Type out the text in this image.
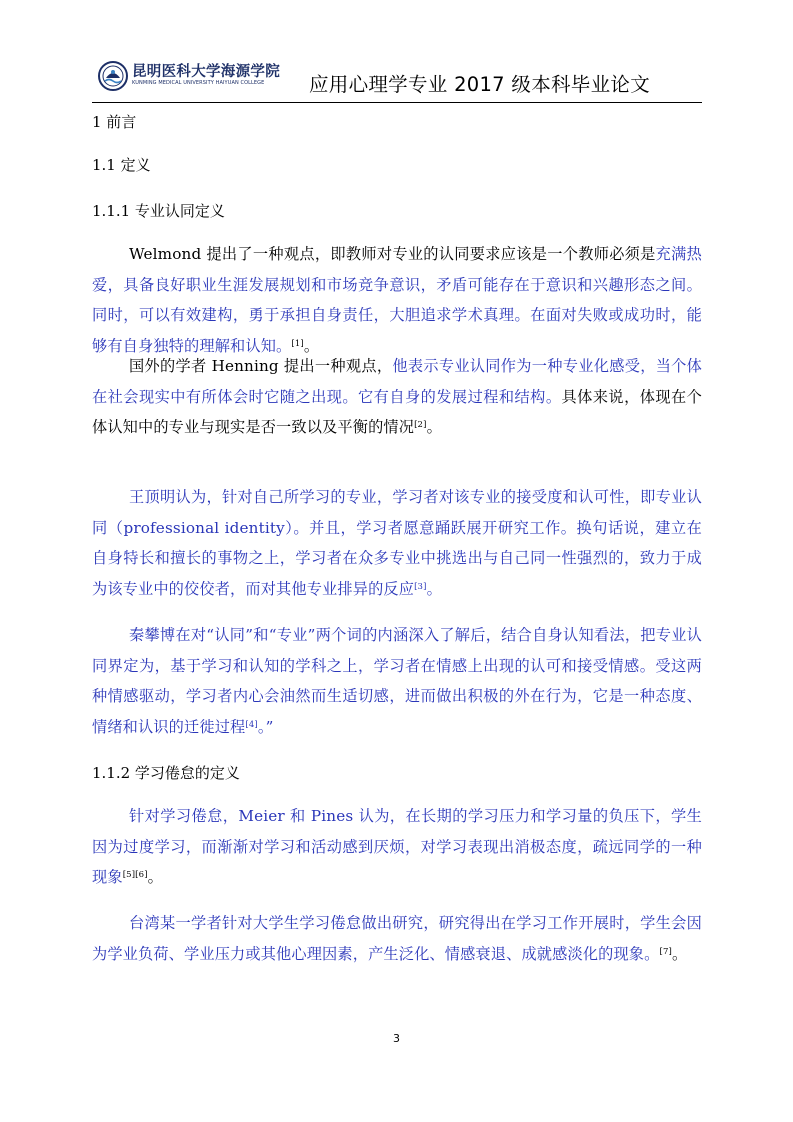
昆明医科大学海源学院
KUNMING MEDICAL UNIVERSITY HAIYUAN COLLEGE 应用心理学专业 2017 级本科毕业论文

1 前言

1.1 定义

1.1.1 专业认同定义

Welmond 提出了一种观点，即教师对专业的认同要求应该是一个教师必须是充满热爱，具备良好职业生涯发展规划和市场竞争意识，矛盾可能存在于意识和兴趣形态之间。同时，可以有效建构，勇于承担自身责任，大胆追求学术真理。在面对失败或成功时，能够有自身独特的理解和认知。[1]。

国外的学者 Henning 提出一种观点，他表示专业认同作为一种专业化感受，当个体在社会现实中有所体会时它随之出现。它有自身的发展过程和结构。具体来说，体现在个体认知中的专业与现实是否一致以及平衡的情况[2]。

王顶明认为，针对自己所学习的专业，学习者对该专业的接受度和认可性，即专业认同（professional identity）。并且，学习者愿意踊跃展开研究工作。换句话说，建立在自身特长和擅长的事物之上，学习者在众多专业中挑选出与自己同一性强烈的，致力于成为该专业中的佼佼者，而对其他专业排异的反应[3]。

秦攀博在对“认同”和“专业”两个词的内涵深入了解后，结合自身认知看法，把专业认同界定为，基于学习和认知的学科之上，学习者在情感上出现的认可和接受情感。受这两种情感驱动，学习者内心会油然而生适切感，进而做出积极的外在行为，它是一种态度、情绪和认识的迁徙过程[4]。”

1.1.2 学习倦怠的定义

针对学习倦怠，Meier 和 Pines 认为，在长期的学习压力和学习量的负压下，学生因为过度学习，而渐渐对学习和活动感到厌烦，对学习表现出消极态度，疏远同学的一种现象[5][6]。

台湾某一学者针对大学生学习倦怠做出研究，研究得出在学习工作开展时，学生会因为学业负荷、学业压力或其他心理因素，产生泛化、情感衰退、成就感淡化的现象。[7]。

3
